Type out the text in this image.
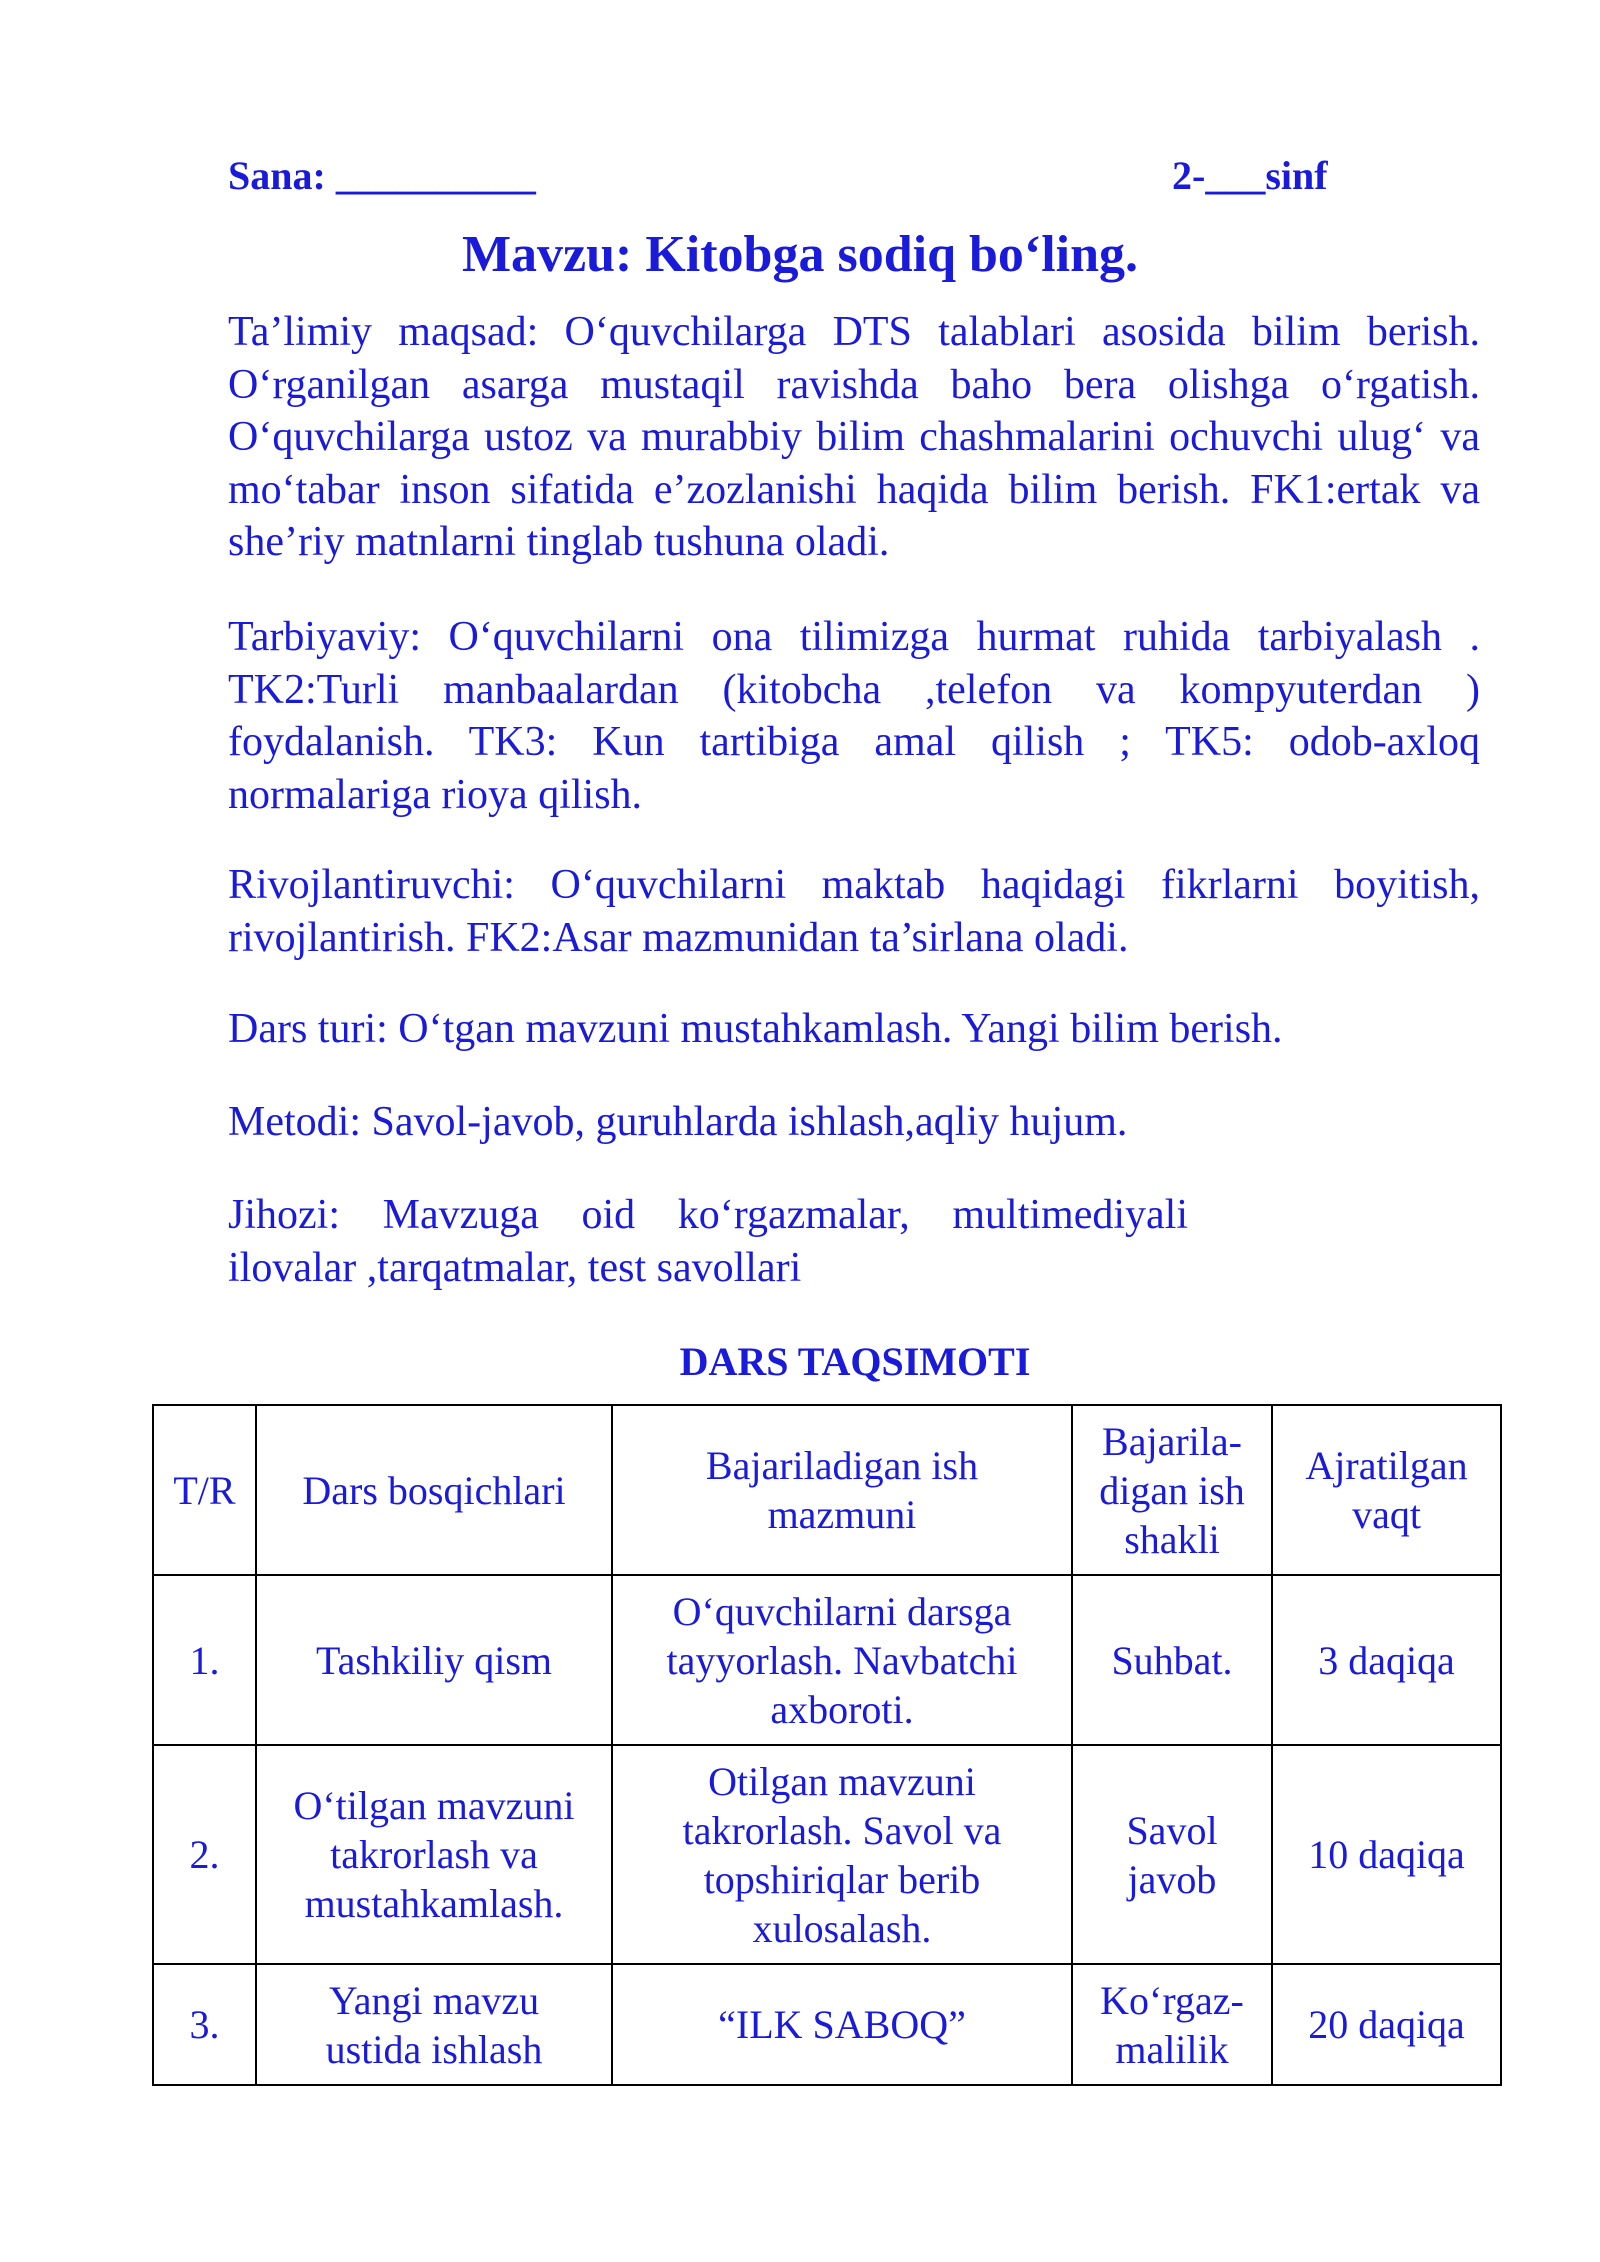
Sana: __________	2-___sinf
Mavzu: Kitobga sodiq bo‘ling.

Ta’limiy maqsad: O‘quvchilarga DTS talablari asosida bilim berish. O‘rganilgan asarga mustaqil ravishda baho bera olishga o‘rgatish. O‘quvchilarga ustoz va murabbiy bilim chashmalarini ochuvchi ulug‘ va mo‘tabar inson sifatida e’zozlanishi haqida bilim berish. FK1:ertak va she’riy matnlarni tinglab tushuna oladi.

Tarbiyaviy: O‘quvchilarni ona tilimizga hurmat ruhida tarbiyalash . TK2:Turli manbaalardan (kitobcha ,telefon va kompyuterdan ) foydalanish. TK3: Kun tartibiga amal qilish ; TK5: odob-axloq normalariga rioya qilish.

Rivojlantiruvchi: O‘quvchilarni maktab haqidagi fikrlarni boyitish, rivojlantirish. FK2:Asar mazmunidan ta’sirlana oladi.

Dars turi: O‘tgan mavzuni mustahkamlash. Yangi bilim berish.

Metodi: Savol-javob, guruhlarda ishlash,aqliy hujum.

Jihozi: Mavzuga oid ko‘rgazmalar, multimediyali ilovalar ,tarqatmalar, test savollari

DARS TAQSIMOTI
T/R	Dars bosqichlari	Bajariladigan ish mazmuni	Bajarila-digan ish shakli	Ajratilgan vaqt
1.	Tashkiliy qism	O‘quvchilarni darsga tayyorlash. Navbatchi axboroti.	Suhbat.	3 daqiqa
2.	O‘tilgan mavzuni takrorlash va mustahkamlash.	Otilgan mavzuni takrorlash. Savol va topshiriqlar berib xulosalash.	Savol javob	10 daqiqa
3.	Yangi mavzu ustida ishlash	“ILK SABOQ”	Ko‘rgaz-malilik	20 daqiqa
